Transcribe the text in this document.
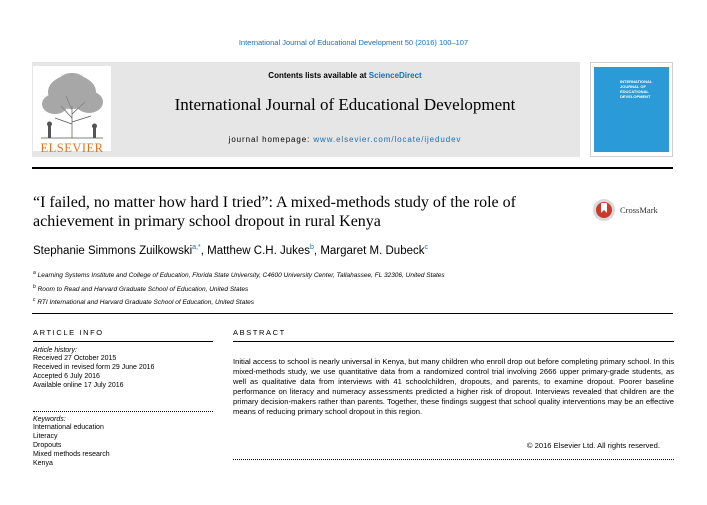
International Journal of Educational Development 50 (2016) 100–107
ELSEVIER
Contents lists available at ScienceDirect
International Journal of Educational Development
journal homepage: www.elsevier.com/locate/ijedudev
INTERNATIONAL JOURNAL OF EDUCATIONAL DEVELOPMENT
“I failed, no matter how hard I tried”: A mixed-methods study of the role of achievement in primary school dropout in rural Kenya
CrossMark
Stephanie Simmons Zuilkowski$^{a,*}$, Matthew C.H. Jukes$^b$, Margaret M. Dubeck$^c$
$^a$ Learning Systems Institute and College of Education, Florida State University, C4600 University Center, Tallahassee, FL 32306, United States
$^b$ Room to Read and Harvard Graduate School of Education, United States
$^c$ RTI International and Harvard Graduate School of Education, United States
ARTICLE INFO	ABSTRACT
Article history:
Received 27 October 2015
Received in revised form 29 June 2016
Accepted 6 July 2016
Available online 17 July 2016
Keywords:
International education
Literacy
Dropouts
Mixed methods research
Kenya
Initial access to school is nearly universal in Kenya, but many children who enroll drop out before completing primary school. In this mixed-methods study, we use quantitative data from a randomized control trial involving 2666 upper primary-grade students, as well as qualitative data from interviews with 41 schoolchildren, dropouts, and parents, to examine dropout. Poorer baseline performance on literacy and numeracy assessments predicted a higher risk of dropout. Interviews revealed that children are the primary decision-makers rather than parents. Together, these findings suggest that school quality interventions may be an effective means of reducing primary school dropout in this region.
© 2016 Elsevier Ltd. All rights reserved.
